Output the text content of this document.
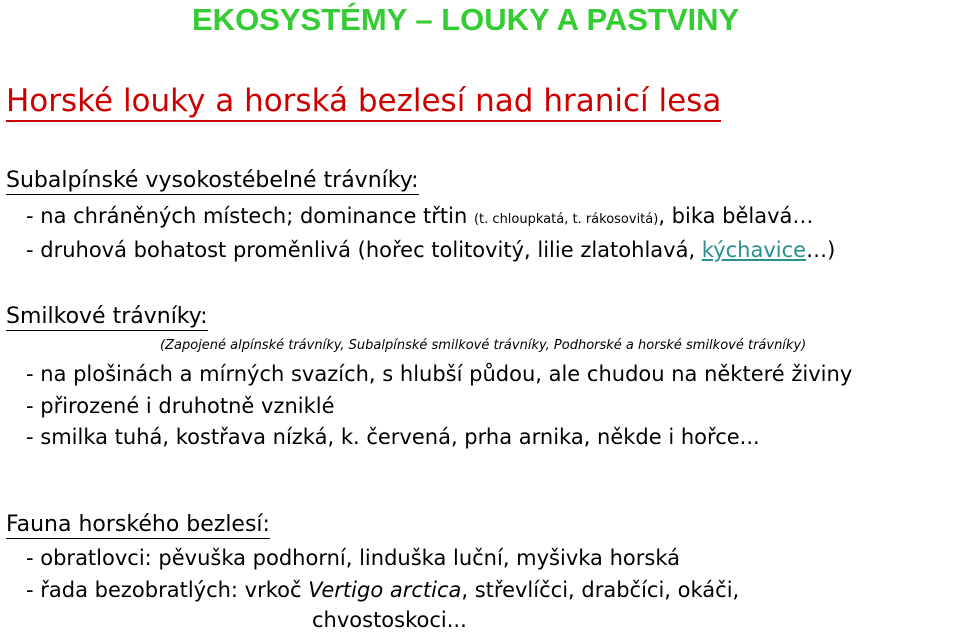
EKOSYSTÉMY – LOUKY A PASTVINY
Horské louky a horská bezlesí nad hranicí lesa
Subalpínské vysokostébelné trávníky:
- na chráněných místech; dominance třtin (t. chloupkatá, t. rákosovitá), bika bělavá…
- druhová bohatost proměnlivá (hořec tolitovitý, lilie zlatohlavá, kýchavice…)
Smilkové trávníky:
(Zapojené alpínské trávníky, Subalpínské smilkové trávníky, Podhorské a horské smilkové trávníky)
- na plošinách a mírných svazích, s hlubší půdou, ale chudou na některé živiny
- přirozené i druhotně vzniklé
- smilka tuhá, kostřava nízká, k. červená, prha arnika, někde i hořce...
Fauna horského bezlesí:
- obratlovci: pěvuška podhorní, linduška luční, myšivka horská
- řada bezobratlých: vrkoč Vertigo arctica, střevlíčci, drabčíci, okáči,
chvostoskoci...
